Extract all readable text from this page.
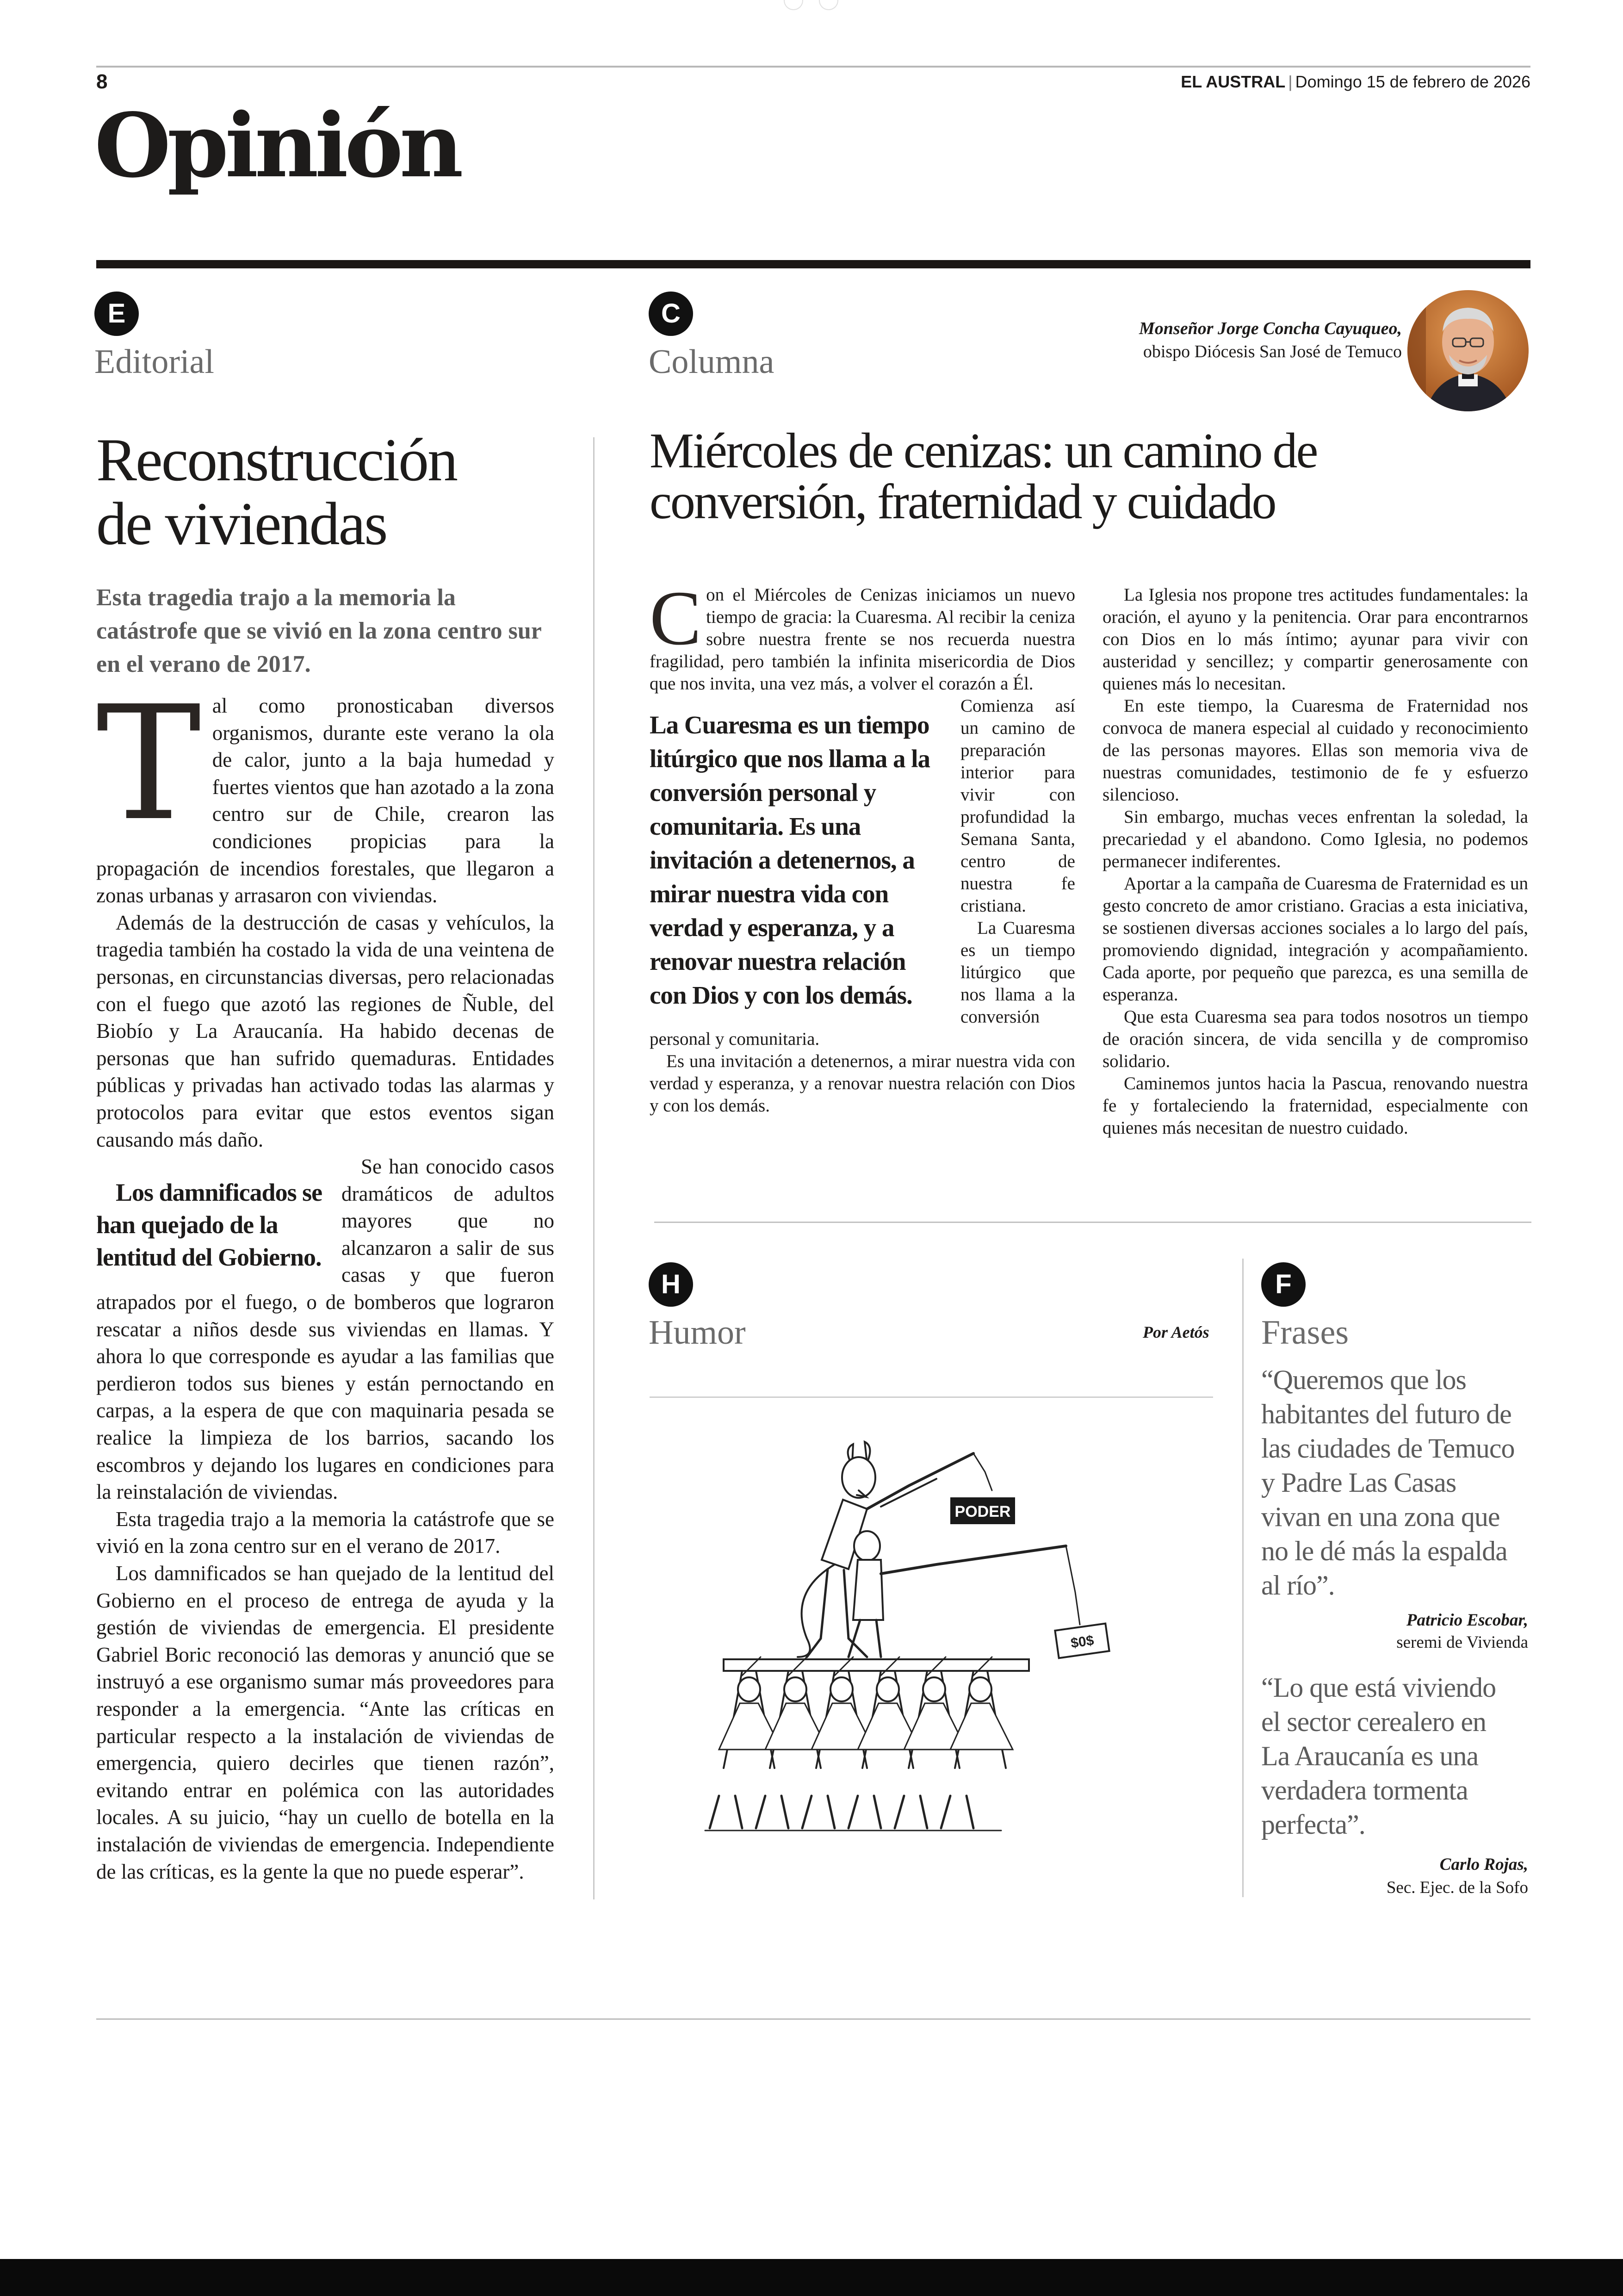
8	EL AUSTRAL | Domingo 15 de febrero de 2026
Opinión
E
Editorial
Reconstrucción
de viviendas
Esta tragedia trajo a la memoria la catástrofe que se vivió en la zona centro sur en el verano de 2017.

Tal como pronosticaban diversos organismos, durante este verano la ola de calor, junto a la baja humedad y fuertes vientos que han azotado a la zona centro sur de Chile, crearon las condiciones propicias para la propagación de incendios forestales, que llegaron a zonas urbanas y arrasaron con viviendas.

Además de la destrucción de casas y vehículos, la tragedia también ha costado la vida de una veintena de personas, en circunstancias diversas, pero relacionadas con el fuego que azotó las regiones de Ñuble, del Biobío y La Araucanía. Ha habido decenas de personas que han sufrido quemaduras. Entidades públicas y privadas han activado todas las alarmas y protocolos para evitar que estos eventos sigan causando más daño.

Los damnificados se han quejado de la lentitud del Gobierno.
Se han conocido casos dramáticos de adultos mayores que no alcanzaron a salir de sus casas y que fueron atrapados por el fuego, o de bomberos que lograron rescatar a niños desde sus viviendas en llamas. Y ahora lo que corresponde es ayudar a las familias que perdieron todos sus bienes y están pernoctando en carpas, a la espera de que con maquinaria pesada se realice la limpieza de los barrios, sacando los escombros y dejando los lugares en condiciones para la reinstalación de viviendas.

Esta tragedia trajo a la memoria la catástrofe que se vivió en la zona centro sur en el verano de 2017.

Los damnificados se han quejado de la lentitud del Gobierno en el proceso de entrega de ayuda y la gestión de viviendas de emergencia. El presidente Gabriel Boric reconoció las demoras y anunció que se instruyó a ese organismo sumar más proveedores para responder a la emergencia. “Ante las críticas en particular respecto a la instalación de viviendas de emergencia, quiero decirles que tienen razón”, evitando entrar en polémica con las autoridades locales. A su juicio, “hay un cuello de botella en la instalación de viviendas de emergencia. Independiente de las críticas, es la gente la que no puede esperar”.

C
Columna
Monseñor Jorge Concha Cayuqueo,
obispo Diócesis San José de Temuco
Miércoles de cenizas: un camino de
conversión, fraternidad y cuidado

Con el Miércoles de Cenizas iniciamos un nuevo tiempo de gracia: la Cuaresma. Al recibir la ceniza sobre nuestra frente se nos recuerda nuestra fragilidad, pero también la infinita misericordia de Dios que nos invita, una vez más, a volver el corazón a Él.

La Cuaresma es un tiempo litúrgico que nos llama a la conversión personal y comunitaria. Es una invitación a detenernos, a mirar nuestra vida con verdad y esperanza, y a renovar nuestra relación con Dios y con los demás.

Comienza así un camino de preparación interior para vivir con profundidad la Semana Santa, centro de nuestra fe cristiana.

La Cuaresma es un tiempo litúrgico que nos llama a la conversión personal y comunitaria.

Es una invitación a detenernos, a mirar nuestra vida con verdad y esperanza, y a renovar nuestra relación con Dios y con los demás.

La Iglesia nos propone tres actitudes fundamentales: la oración, el ayuno y la penitencia. Orar para encontrarnos con Dios en lo más íntimo; ayunar para vivir con austeridad y sencillez; y compartir generosamente con quienes más lo necesitan.

En este tiempo, la Cuaresma de Fraternidad nos convoca de manera especial al cuidado y reconocimiento de las personas mayores. Ellas son memoria viva de nuestras comunidades, testimonio de fe y esfuerzo silencioso.

Sin embargo, muchas veces enfrentan la soledad, la precariedad y el abandono. Como Iglesia, no podemos permanecer indiferentes.

Aportar a la campaña de Cuaresma de Fraternidad es un gesto concreto de amor cristiano. Gracias a esta iniciativa, se sostienen diversas acciones sociales a lo largo del país, promoviendo dignidad, integración y acompañamiento. Cada aporte, por pequeño que parezca, es una semilla de esperanza.

Que esta Cuaresma sea para todos nosotros un tiempo de oración sincera, de vida sencilla y de compromiso solidario.

Caminemos juntos hacia la Pascua, renovando nuestra fe y fortaleciendo la fraternidad, especialmente con quienes más necesitan de nuestro cuidado.

H
Humor	Por Aetós
PODER
$0$
F
Frases
“Queremos que los habitantes del futuro de las ciudades de Temuco y Padre Las Casas vivan en una zona que no le dé más la espalda al río”.
Patricio Escobar,
seremi de Vivienda
“Lo que está viviendo el sector cerealero en La Araucanía es una verdadera tormenta perfecta”.
Carlo Rojas,
Sec. Ejec. de la Sofo
